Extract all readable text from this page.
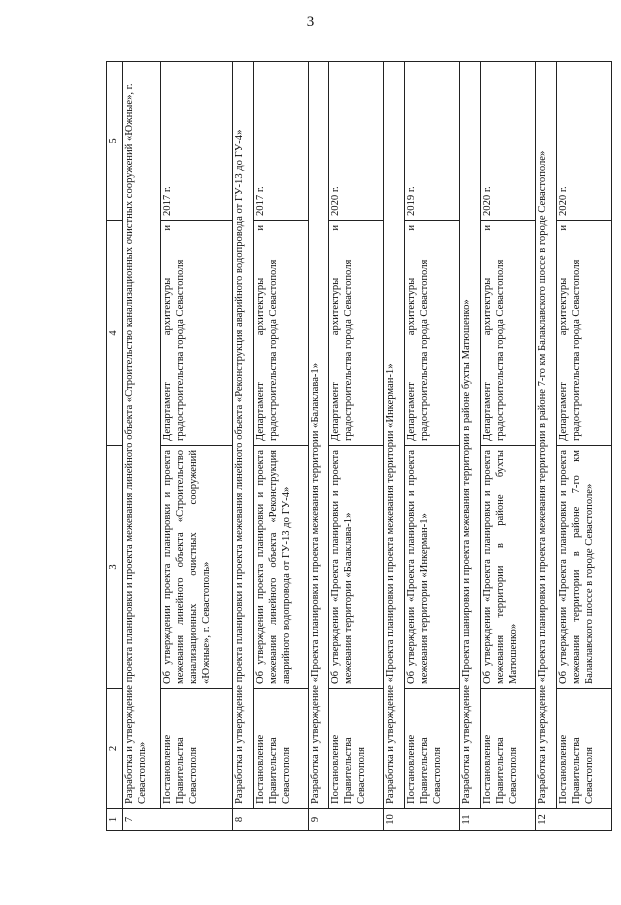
3
1	2	3	4	5
7	Разработка и утверждение проекта планировки и проекта межевания линейного объекта «Строительство канализационных очистных сооружений «Южные», г. Севастополь»			
	Постановление Правительства Севастополя	Об утверждении проекта планировки и проекта межевания линейного объекта «Строительство канализационных очистных сооружений «Южные», г. Севастополь»	Департамент архитектуры и градостроительства города Севастополя	2017 г.
8	Разработка и утверждение проекта планировки и проекта межевания линейного объекта «Реконструкция аварийного водопровода от ГУ-13 до ГУ-4»			
	Постановление Правительства Севастополя	Об утверждении проекта планировки и проекта межевания линейного объекта «Реконструкция аварийного водопровода от ГУ-13 до ГУ-4»	Департамент архитектуры и градостроительства города Севастополя	2017 г.
9	Разработка и утверждение «Проекта планировки и проекта межевания территории «Балаклава-1»			
	Постановление Правительства Севастополя	Об утверждении «Проекта планировки и проекта межевания территории «Балаклава-1»	Департамент архитектуры и градостроительства города Севастополя	2020 г.
10	Разработка и утверждение «Проекта планировки и проекта межевания территории «Инкерман-1»			
	Постановление Правительства Севастополя	Об утверждении «Проекта планировки и проекта межевания территории «Инкерман-1»	Департамент архитектуры и градостроительства города Севастополя	2019 г.
11	Разработка и утверждение «Проекта шанировки и проекта межевания территории в районе бухты Матюшенко»			
	Постановление Правительства Севастополя	Об утверждении «Проекта планировки и проекта межевания территории в районе бухты Матюшенко»	Департамент архитектуры и градостроительства города Севастополя	2020 г.
12	Разработка и утверждение «Проекта планировки и проекта межевания территории в районе 7-го км Балаклавского шоссе в городе Севастополе»			
	Постановление Правительства Севастополя	Об утверждении «Проекта планировки и проекта межевания территории в районе 7-го км Балаклавского шоссе в городе Севастополе»	Департамент архитектуры и градостроительства города Севастополя	2020 г.
